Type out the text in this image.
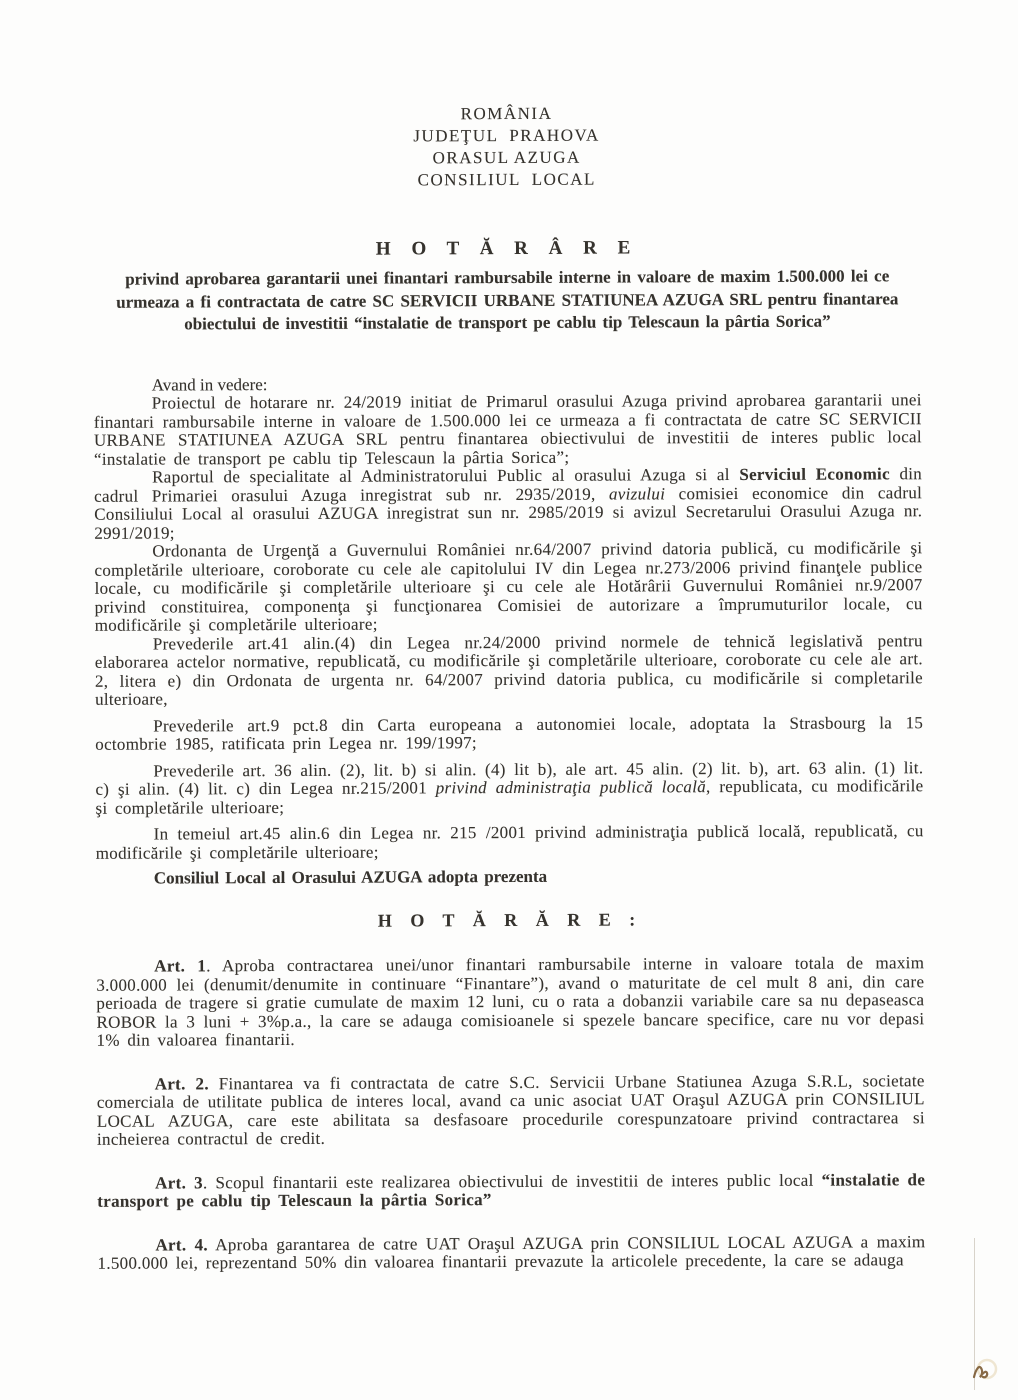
ROMÂNIA
JUDEŢUL  PRAHOVA
ORASUL AZUGA
CONSILIUL  LOCAL
H O T Ă R Â R E

privind aprobarea garantarii unei finantari rambursabile interne in valoare de maxim 1.500.000 lei ce urmeaza a fi contractata de catre SC SERVICII URBANE STATIUNEA AZUGA SRL pentru finantarea obiectului de investitii “instalatie de transport pe cablu tip Telescaun la pârtia Sorica”

Avand in vedere:

Proiectul de hotarare nr. 24/2019 initiat de Primarul orasului Azuga privind aprobarea garantarii unei finantari rambursabile interne in valoare de 1.500.000 lei ce urmeaza a fi contractata de catre SC SERVICII URBANE STATIUNEA AZUGA SRL pentru finantarea obiectivului de investitii de interes public local “instalatie de transport pe cablu tip Telescaun la pârtia Sorica”;

Raportul de specialitate al Administratorului Public al orasului Azuga si al Serviciul Economic din cadrul Primariei orasului Azuga inregistrat sub nr. 2935/2019, avizului comisiei economice din cadrul Consiliului Local al orasului AZUGA inregistrat sun nr. 2985/2019 si avizul Secretarului Orasului Azuga nr. 2991/2019;

Ordonanta de Urgenţă a Guvernului României nr.64/2007 privind datoria publică, cu modificările şi completările ulterioare, coroborate cu cele ale capitolului IV din Legea nr.273/2006 privind finanţele publice locale, cu modificările şi completările ulterioare şi cu cele ale Hotărârii Guvernului României nr.9/2007 privind constituirea, componenţa şi funcţionarea Comisiei de autorizare a împrumuturilor locale, cu modificările şi completările ulterioare;

Prevederile art.41 alin.(4) din Legea nr.24/2000 privind normele de tehnică legislativă pentru elaborarea actelor normative, republicată, cu modificările şi completările ulterioare, coroborate cu cele ale art. 2, litera e) din Ordonata de urgenta nr. 64/2007 privind datoria publica, cu modificările si completarile ulterioare,

Prevederile art.9 pct.8 din Carta europeana a autonomiei locale, adoptata la Strasbourg la 15 octombrie 1985, ratificata prin Legea nr. 199/1997;

Prevederile art. 36 alin. (2), lit. b) si alin. (4) lit b), ale art. 45 alin. (2) lit. b), art. 63 alin. (1) lit. c) şi alin. (4) lit. c) din Legea nr.215/2001 privind administraţia publică locală, republicata, cu modificările şi completările ulterioare;

In temeiul art.45 alin.6 din Legea nr. 215 /2001 privind administraţia publică locală, republicată, cu modificările şi completările ulterioare;

Consiliul Local al Orasului AZUGA adopta prezenta

H O T Ă R Ă R E :

Art. 1. Aproba contractarea unei/unor finantari rambursabile interne in valoare totala de maxim 3.000.000 lei (denumit/denumite in continuare “Finantare”), avand o maturitate de cel mult 8 ani, din care perioada de tragere si gratie cumulate de maxim 12 luni, cu o rata a dobanzii variabile care sa nu depaseasca ROBOR la 3 luni + 3%p.a., la care se adauga comisioanele si spezele bancare specifice, care nu vor depasi 1% din valoarea finantarii.

Art. 2. Finantarea va fi contractata de catre S.C. Servicii Urbane Statiunea Azuga S.R.L, societate comerciala de utilitate publica de interes local, avand ca unic asociat UAT Oraşul AZUGA prin CONSILIUL LOCAL AZUGA, care este abilitata sa desfasoare procedurile corespunzatoare privind contractarea si incheierea contractul de credit.

Art. 3. Scopul finantarii este realizarea obiectivului de investitii de interes public local “instalatie de transport pe cablu tip Telescaun la pârtia Sorica”

Art. 4. Aproba garantarea de catre UAT Oraşul AZUGA prin CONSILIUL LOCAL AZUGA a maxim 1.500.000 lei, reprezentand 50% din valoarea finantarii prevazute la articolele precedente, la care se adauga
